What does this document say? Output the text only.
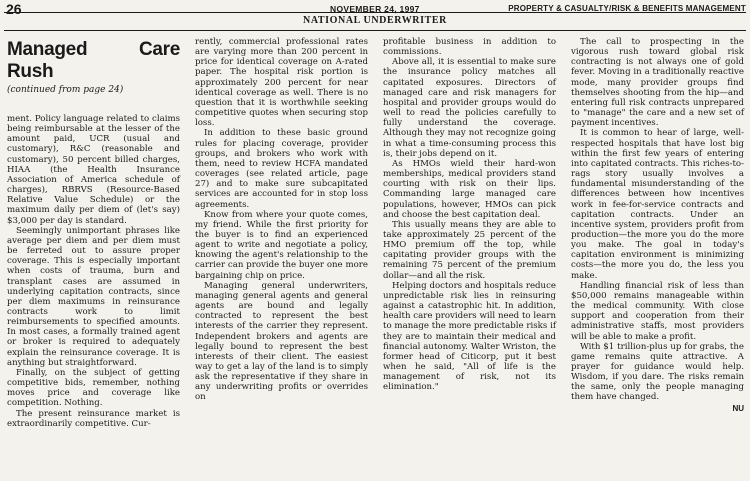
26	NOVEMBER 24, 1997	PROPERTY & CASUALTY/RISK & BENEFITS MANAGEMENT
NATIONAL UNDERWRITER
Managed Care Rush
(continued from page 24)

ment. Policy language related to claims being reimbursable at the lesser of the amount paid, UCR (usual and customary), R&C (reasonable and customary), 50 percent billed charges, HIAA (the Health Insurance Association of America schedule of charges), RBRVS (Resource-Based Relative Value Schedule) or the maximum daily per diem of (let's say) $3,000 per day is standard.

Seemingly unimportant phrases like average per diem and per diem must be ferreted out to assure proper coverage. This is especially important when costs of trauma, burn and transplant cases are assumed in underlying capitation contracts, since per diem maximums in reinsurance contracts work to limit reimbursements to specified amounts. In most cases, a formally trained agent or broker is required to adequately explain the reinsurance coverage. It is anything but straightforward.

Finally, on the subject of getting competitive bids, remember, nothing moves price and coverage like competition. Nothing.

The present reinsurance market is extraordinarily competitive. Cur-

rently, commercial professional rates are varying more than 200 percent in price for identical coverage on A-rated paper. The hospital risk portion is approximately 200 percent for near identical coverage as well. There is no question that it is worthwhile seeking competitive quotes when securing stop loss.

In addition to these basic ground rules for placing coverage, provider groups, and brokers who work with them, need to review HCFA mandated coverages (see related article, page 27) and to make sure subcapitated services are accounted for in stop loss agreements.

Know from where your quote comes, my friend. While the first priority for the buyer is to find an experienced agent to write and negotiate a policy, knowing the agent's relationship to the carrier can provide the buyer one more bargaining chip on price.

Managing general underwriters, managing general agents and general agents are bound and legally contracted to represent the best interests of the carrier they represent. Independent brokers and agents are legally bound to represent the best interests of their client. The easiest way to get a lay of the land is to simply ask the representative if they share in any underwriting profits or overrides on

profitable business in addition to commissions.

Above all, it is essential to make sure the insurance policy matches all capitated exposures. Directors of managed care and risk managers for hospital and provider groups would do well to read the policies carefully to fully understand the coverage. Although they may not recognize going in what a time-consuming process this is, their jobs depend on it.

As HMOs wield their hard-won memberships, medical providers stand courting with risk on their lips. Commanding large managed care populations, however, HMOs can pick and choose the best capitation deal.

This usually means they are able to take approximately 25 percent of the HMO premium off the top, while capitating provider groups with the remaining 75 percent of the premium dollar—and all the risk.

Helping doctors and hospitals reduce unpredictable risk lies in reinsuring against a catastrophic hit. In addition, health care providers will need to learn to manage the more predictable risks if they are to maintain their medical and financial autonomy. Walter Wriston, the former head of Citicorp, put it best when he said, "All of life is the management of risk, not its elimination."

The call to prospecting in the vigorous rush toward global risk contracting is not always one of gold fever. Moving in a traditionally reactive mode, many provider groups find themselves shooting from the hip—and entering full risk contracts unprepared to "manage" the care and a new set of payment incentives.

It is common to hear of large, well-respected hospitals that have lost big within the first few years of entering into capitated contracts. This riches-to-rags story usually involves a fundamental misunderstanding of the differences between how incentives work in fee-for-service contracts and capitation contracts. Under an incentive system, providers profit from production—the more you do the more you make. The goal in today's capitation environment is minimizing costs—the more you do, the less you make.

Handling financial risk of less than $50,000 remains manageable within the medical community. With close support and cooperation from their administrative staffs, most providers will be able to make a profit.

With $1 trillion-plus up for grabs, the game remains quite attractive. A prayer for guidance would help. Wisdom, if you dare. The risks remain the same, only the people managing them have changed.

NU
